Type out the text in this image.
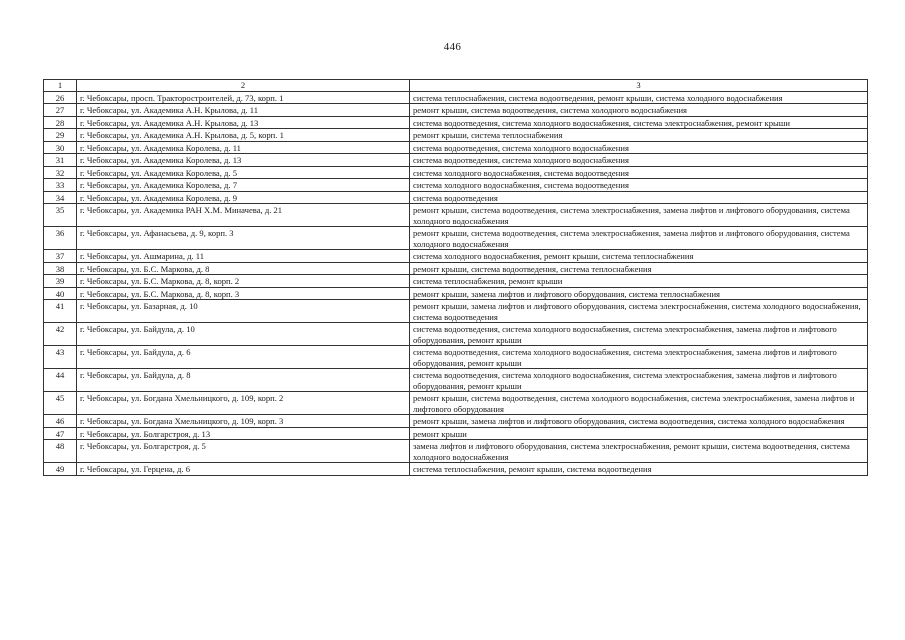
446
1	2	3
26	г. Чебоксары, просп. Тракторостроителей, д. 73, корп. 1	система теплоснабжения, система водоотведения, ремонт крыши, система холодного водоснабжения
27	г. Чебоксары, ул. Академика А.Н. Крылова, д. 11	ремонт крыши, система водоотведения, система холодного водоснабжения
28	г. Чебоксары, ул. Академика А.Н. Крылова, д. 13	система водоотведения, система холодного водоснабжения, система электроснабжения, ремонт крыши
29	г. Чебоксары, ул. Академика А.Н. Крылова, д. 5, корп. 1	ремонт крыши, система теплоснабжения
30	г. Чебоксары, ул. Академика Королева, д. 11	система водоотведения, система холодного водоснабжения
31	г. Чебоксары, ул. Академика Королева, д. 13	система водоотведения, система холодного водоснабжения
32	г. Чебоксары, ул. Академика Королева, д. 5	система холодного водоснабжения, система водоотведения
33	г. Чебоксары, ул. Академика Королева, д. 7	система холодного водоснабжения, система водоотведения
34	г. Чебоксары, ул. Академика Королева, д. 9	система водоотведения
35	г. Чебоксары, ул. Академика РАН Х.М. Миначева, д. 21	ремонт крыши, система водоотведения, система электроснабжения, замена лифтов и лифтового оборудования, система холодного водоснабжения
36	г. Чебоксары, ул. Афанасьева, д. 9, корп. 3	ремонт крыши, система водоотведения, система электроснабжения, замена лифтов и лифтового оборудования, система холодного водоснабжения
37	г. Чебоксары, ул. Ашмарина, д. 11	система холодного водоснабжения, ремонт крыши, система теплоснабжения
38	г. Чебоксары, ул. Б.С. Маркова, д. 8	ремонт крыши, система водоотведения, система теплоснабжения
39	г. Чебоксары, ул. Б.С. Маркова, д. 8, корп. 2	система теплоснабжения, ремонт крыши
40	г. Чебоксары, ул. Б.С. Маркова, д. 8, корп. 3	ремонт крыши, замена лифтов и лифтового оборудования, система теплоснабжения
41	г. Чебоксары, ул. Базарная, д. 10	ремонт крыши, замена лифтов и лифтового оборудования, система электроснабжения, система холодного водоснабжения, система водоотведения
42	г. Чебоксары, ул. Байдула, д. 10	система водоотведения, система холодного водоснабжения, система электроснабжения, замена лифтов и лифтового оборудования, ремонт крыши
43	г. Чебоксары, ул. Байдула, д. 6	система водоотведения, система холодного водоснабжения, система электроснабжения, замена лифтов и лифтового оборудования, ремонт крыши
44	г. Чебоксары, ул. Байдула, д. 8	система водоотведения, система холодного водоснабжения, система электроснабжения, замена лифтов и лифтового оборудования, ремонт крыши
45	г. Чебоксары, ул. Богдана Хмельницкого, д. 109, корп. 2	ремонт крыши, система водоотведения, система холодного водоснабжения, система электроснабжения, замена лифтов и лифтового оборудования
46	г. Чебоксары, ул. Богдана Хмельницкого, д. 109, корп. 3	ремонт крыши, замена лифтов и лифтового оборудования, система водоотведения, система холодного водоснабжения
47	г. Чебоксары, ул. Болгарстроя, д. 13	ремонт крыши
48	г. Чебоксары, ул. Болгарстроя, д. 5	замена лифтов и лифтового оборудования, система электроснабжения, ремонт крыши, система водоотведения, система холодного водоснабжения
49	г. Чебоксары, ул. Герцена, д. 6	система теплоснабжения, ремонт крыши, система водоотведения
